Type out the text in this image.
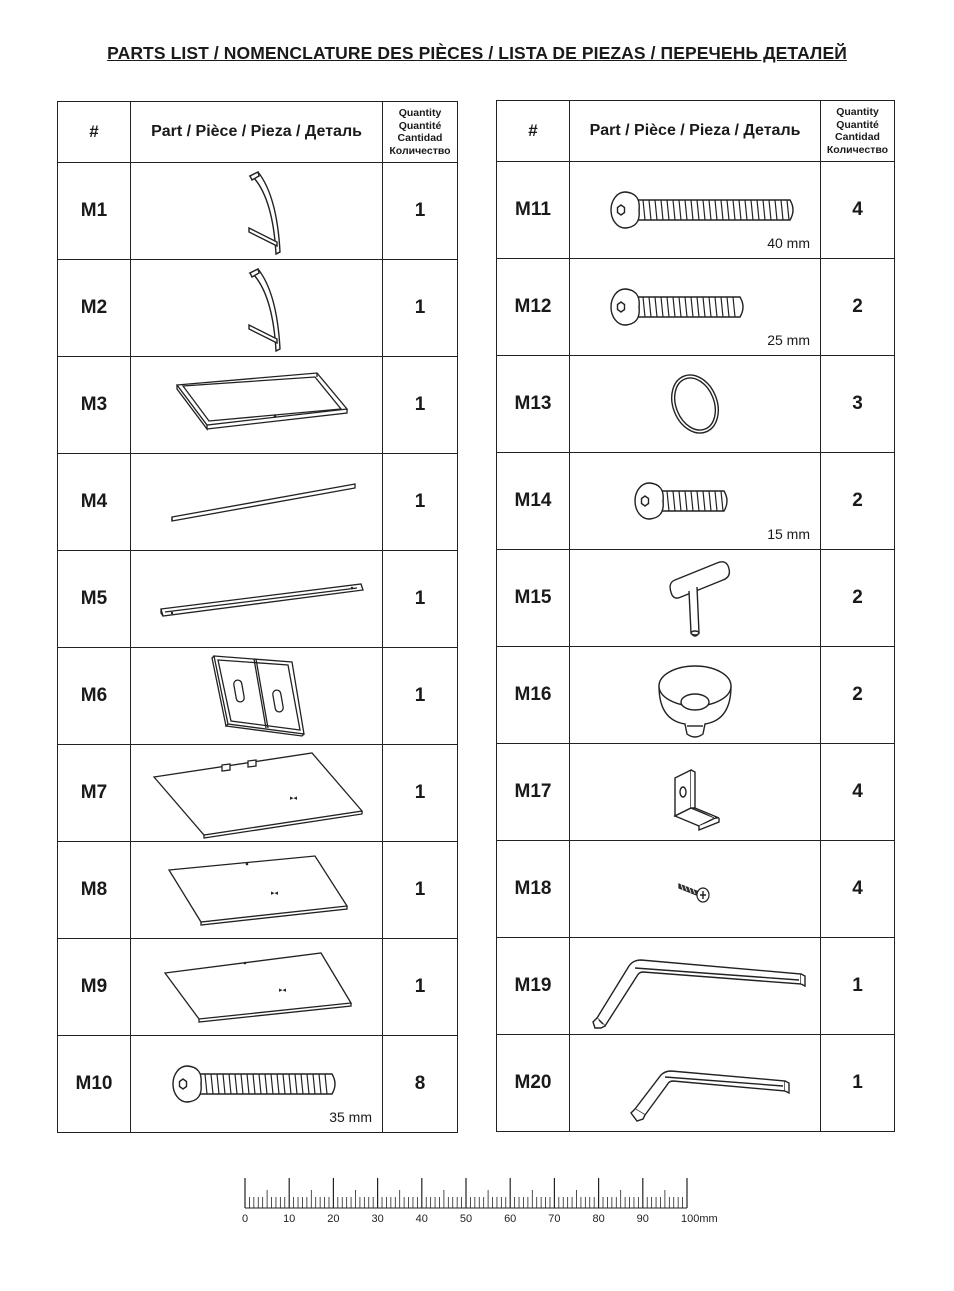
PARTS LIST / NOMENCLATURE DES PIÈCES / LISTA DE PIEZAS / ПЕРЕЧЕНЬ ДЕТАЛЕЙ
#	Part / Pièce / Pieza / Деталь	Quantity
Quantité
Cantidad
Количество

M1		1
M2		1
M3		1
M4		1
M5		1
M6		1
M7	▸◂	1
M8	▸◂	1
M9	▸◂	1
M10	35 mm	8
#	Part / Pièce / Pieza / Деталь	Quantity
Quantité
Cantidad
Количество

M11	40 mm	4
M12	25 mm	2
M13		3
M14	15 mm	2
M15		2
M16		2
M17		4
M18		4
M19		1
M20		1
0	10	20	30	40	50	60	70	80	90	100mm
